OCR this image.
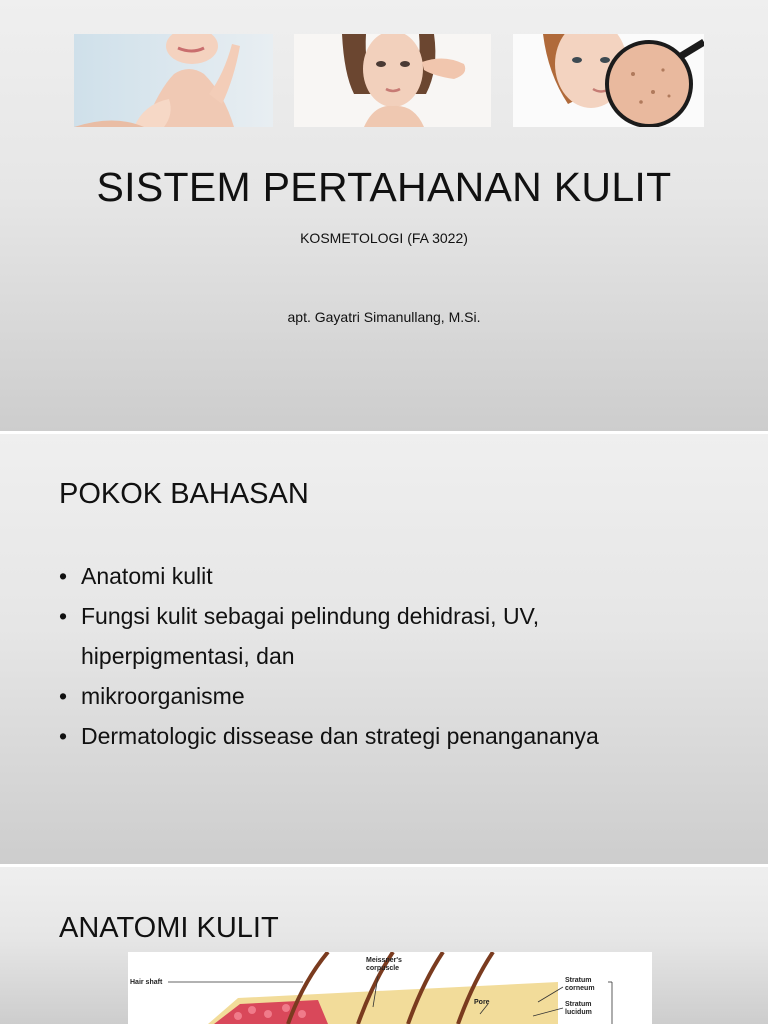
SISTEM PERTAHANAN KULIT
KOSMETOLOGI (FA 3022)
apt. Gayatri Simanullang, M.Si.
POKOK BAHASAN
• Anatomi kulit
• Fungsi kulit sebagai pelindung dehidrasi, UV,
hiperpigmentasi, dan
• mikroorganisme
• Dermatologic dissease dan strategi penangananya
ANATOMI KULIT
Hair shaft
Meissner's
corpuscle
Pore
Stratum
corneum
Stratum
lucidum
